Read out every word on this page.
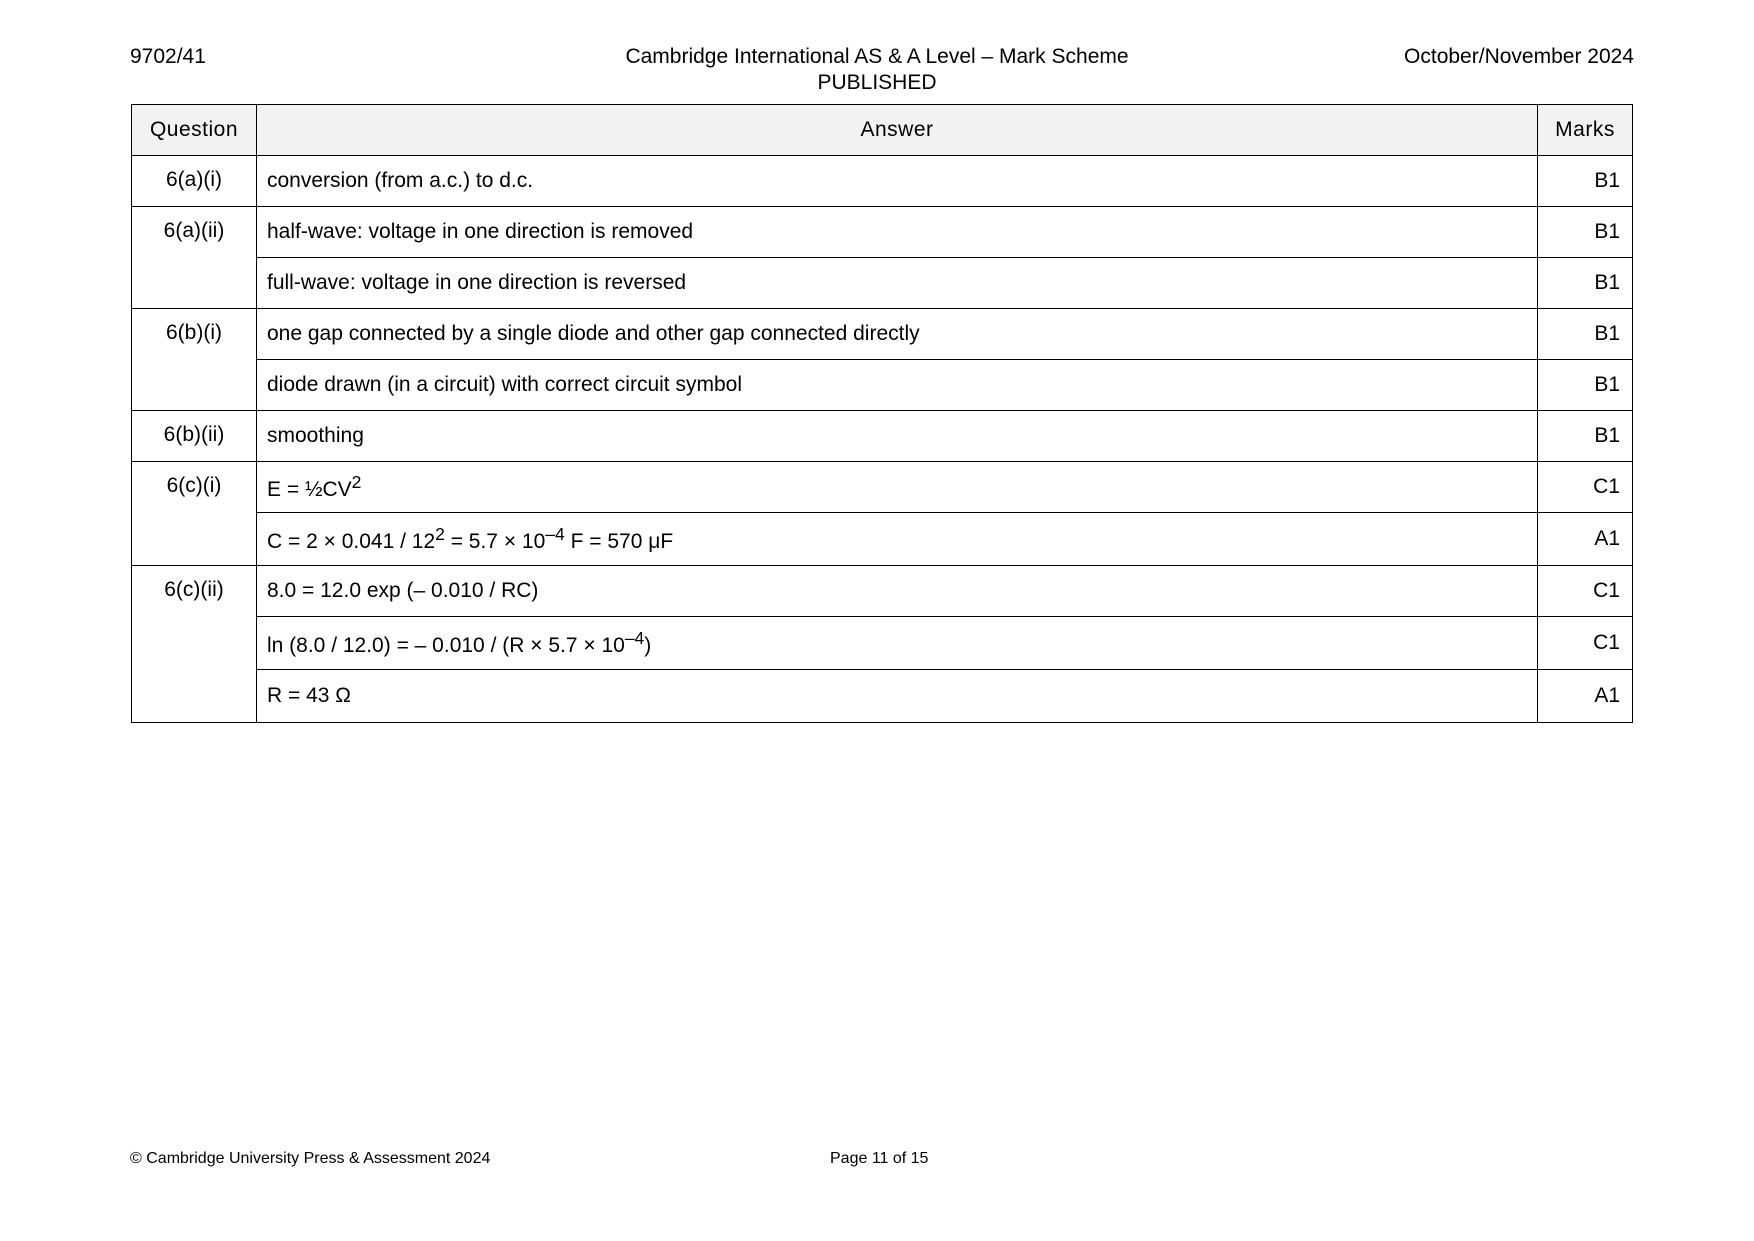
9702/41	Cambridge International AS & A Level – Mark Scheme
PUBLISHED
October/November 2024
Question	Answer	Marks
6(a)(i)	conversion (from a.c.) to d.c.	B1
6(a)(ii)	half-wave: voltage in one direction is removed	B1
	full-wave: voltage in one direction is reversed	B1
6(b)(i)	one gap connected by a single diode and other gap connected directly	B1
	diode drawn (in a circuit) with correct circuit symbol	B1
6(b)(ii)	smoothing	B1
6(c)(i)	$E = \frac{1}{2}CV^2$	C1
	$C = 2 \times 0.041 / 12^2 = 5.7 \times 10^{-4}$ F = 570 μF	A1
6(c)(ii)	8.0 = 12.0 exp (– 0.010 / RC)	C1
	ln (8.0 / 12.0) = – $0.010 / (R \times 5.7 \times 10^{-4})$	C1
	R = 43 Ω	A1
© Cambridge University Press & Assessment 2024	Page 11 of 15
